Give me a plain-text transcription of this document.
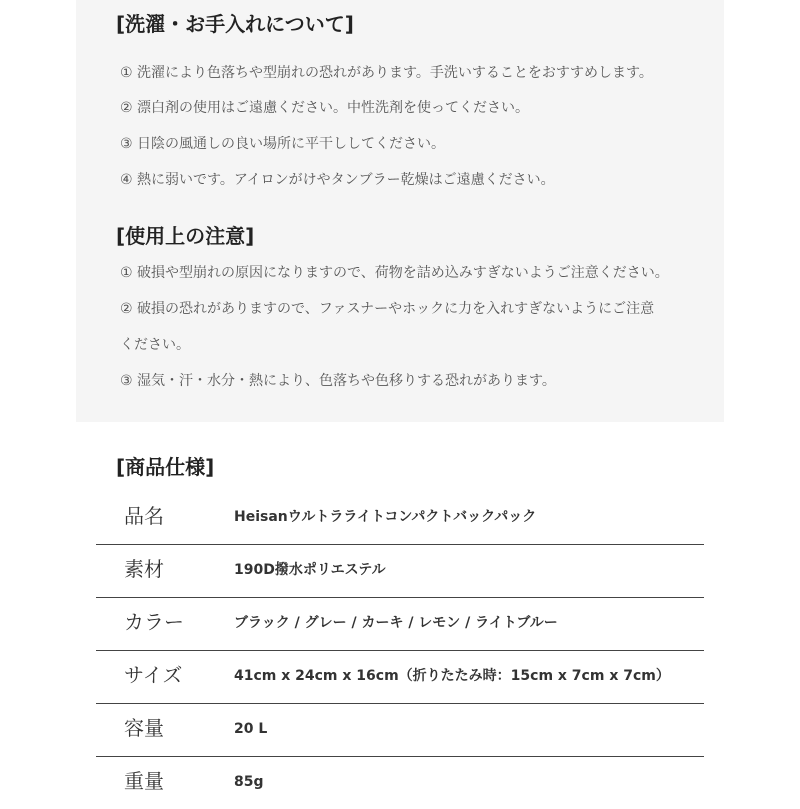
[洗濯・お手入れについて]

① 洗濯により色落ちや型崩れの恐れがあります。手洗いすることをおすすめします。

② 漂白剤の使用はご遠慮ください。中性洗剤を使ってください。

③ 日陰の風通しの良い場所に平干ししてください。

④ 熱に弱いです。アイロンがけやタンブラー乾燥はご遠慮ください。

[使用上の注意]

① 破損や型崩れの原因になりますので、荷物を詰め込みすぎないようご注意ください。

② 破損の恐れがありますので、ファスナーやホックに力を入れすぎないようにご注意

ください。

③ 湿気・汗・水分・熱により、色落ちや色移りする恐れがあります。

[商品仕様]
品名	Heisanウルトラライトコンパクトバックパック
素材	190D撥水ポリエステル
カラー	ブラック / グレー / カーキ / レモン / ライトブルー
サイズ	41cm x 24cm x 16cm（折りたたみ時：15cm x 7cm x 7cm）
容量	20 L
重量	85g
